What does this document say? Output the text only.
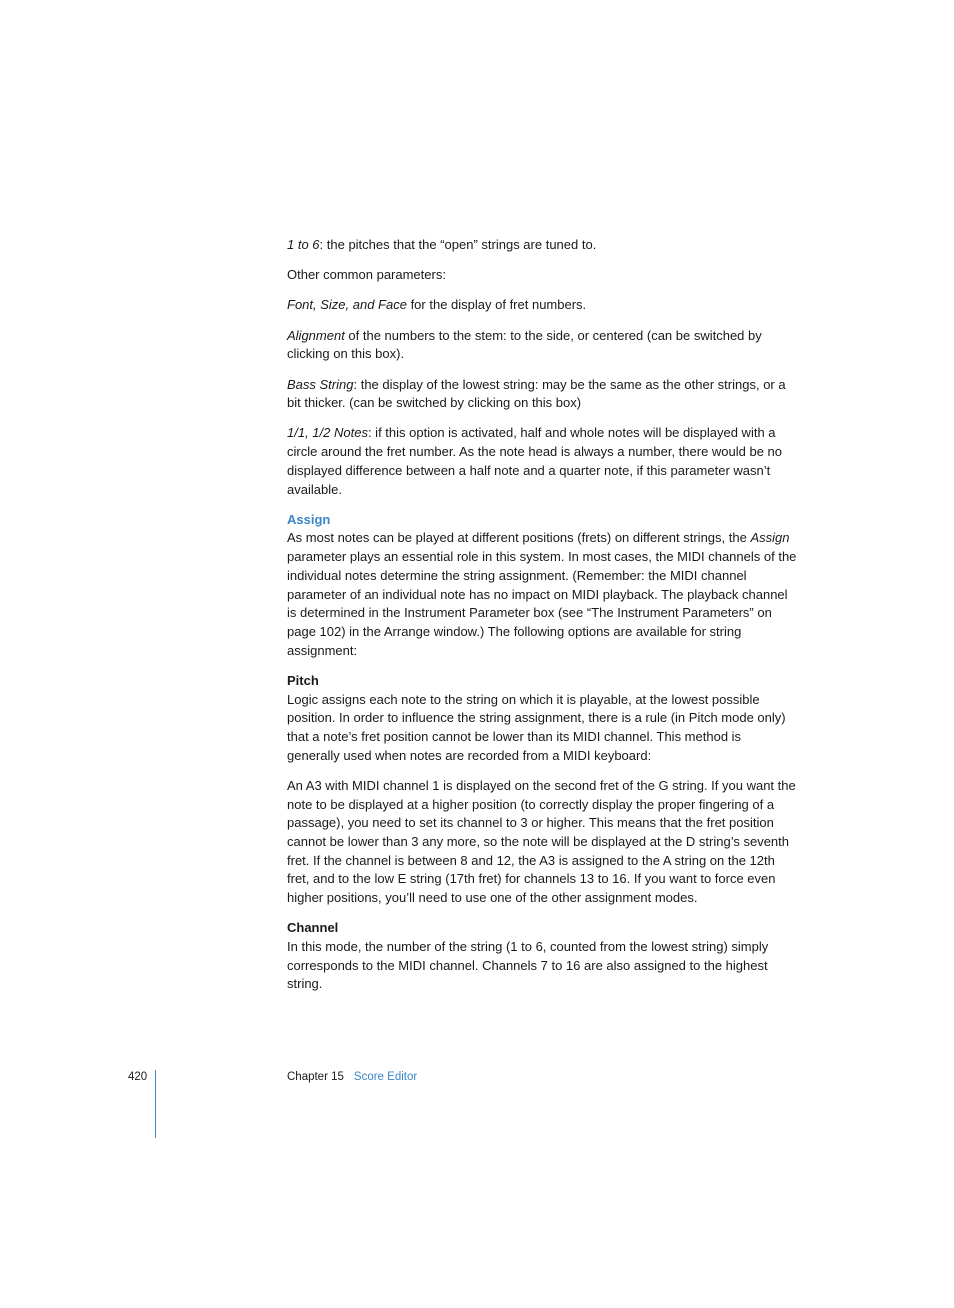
1 to 6: the pitches that the “open” strings are tuned to.

Other common parameters:

Font, Size, and Face for the display of fret numbers.

Alignment of the numbers to the stem: to the side, or centered (can be switched by clicking on this box).

Bass String: the display of the lowest string: may be the same as the other strings, or a bit thicker. (can be switched by clicking on this box)

1/1, 1/2 Notes: if this option is activated, half and whole notes will be displayed with a circle around the fret number. As the note head is always a number, there would be no displayed difference between a half note and a quarter note, if this parameter wasn’t available.

Assign

As most notes can be played at different positions (frets) on different strings, the Assign parameter plays an essential role in this system. In most cases, the MIDI channels of the individual notes determine the string assignment. (Remember: the MIDI channel parameter of an individual note has no impact on MIDI playback. The playback channel is determined in the Instrument Parameter box (see “The Instrument Parameters” on page 102) in the Arrange window.) The following options are available for string assignment:

Pitch

Logic assigns each note to the string on which it is playable, at the lowest possible position. In order to influence the string assignment, there is a rule (in Pitch mode only) that a note’s fret position cannot be lower than its MIDI channel. This method is generally used when notes are recorded from a MIDI keyboard:

An A3 with MIDI channel 1 is displayed on the second fret of the G string. If you want the note to be displayed at a higher position (to correctly display the proper fingering of a passage), you need to set its channel to 3 or higher. This means that the fret position cannot be lower than 3 any more, so the note will be displayed at the D string’s seventh fret. If the channel is between 8 and 12, the A3 is assigned to the A string on the 12th fret, and to the low E string (17th fret) for channels 13 to 16. If you want to force even higher positions, you’ll need to use one of the other assignment modes.

Channel

In this mode, the number of the string (1 to 6, counted from the lowest string) simply corresponds to the MIDI channel. Channels 7 to 16 are also assigned to the highest string.

420	Chapter 15 Score Editor
